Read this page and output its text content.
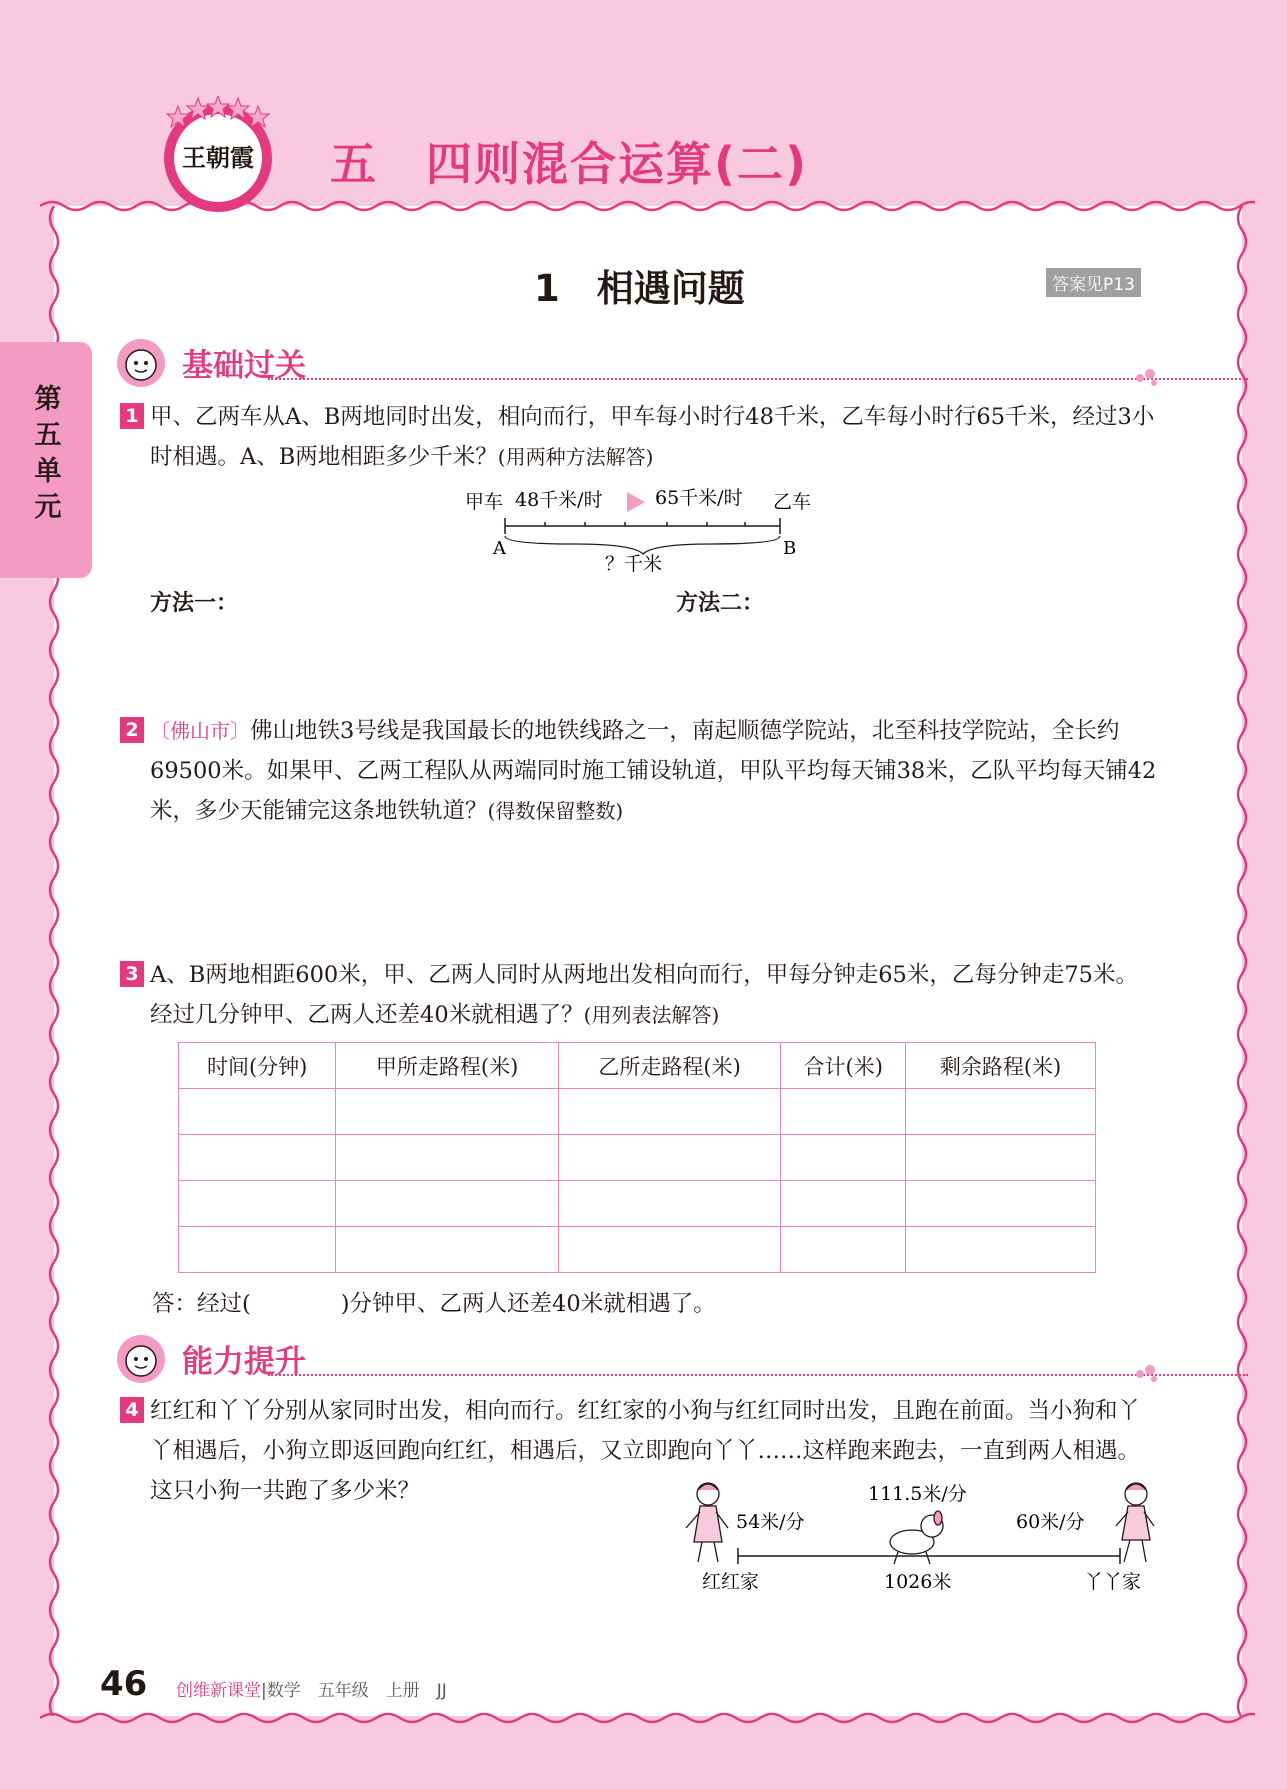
王朝霞 五　四则混合运算(二)
1　相遇问题	答案见P13
第五单元
基础过关
1 甲、乙两车从A、B两地同时出发，相向而行，甲车每小时行48千米，乙车每小时行65千米，经过3小时相遇。A、B两地相距多少千米？(用两种方法解答)
甲车 48千米/时	65千米/时 乙车
A	B
？千米
方法一：	方法二：
2 〔佛山市〕佛山地铁3号线是我国最长的地铁线路之一，南起顺德学院站，北至科技学院站，全长约69500米。如果甲、乙两工程队从两端同时施工铺设轨道，甲队平均每天铺38米，乙队平均每天铺42米，多少天能铺完这条地铁轨道？(得数保留整数)
3 A、B两地相距600米，甲、乙两人同时从两地出发相向而行，甲每分钟走65米，乙每分钟走75米。经过几分钟甲、乙两人还差40米就相遇了？(用列表法解答)
时间(分钟)	甲所走路程(米)	乙所走路程(米)	合计(米)	剩余路程(米)

答：经过(	)分钟甲、乙两人还差40米就相遇了。
能力提升
4 红红和丫丫分别从家同时出发，相向而行。红红家的小狗与红红同时出发，且跑在前面。当小狗和丫丫相遇后，小狗立即返回跑向红红，相遇后，又立即跑向丫丫……这样跑来跑去，一直到两人相遇。这只小狗一共跑了多少米？
54米/分
111.5米/分
60米/分
红红家	1026米	丫丫家
46 创维新课堂|数学　五年级　上册　JJ
